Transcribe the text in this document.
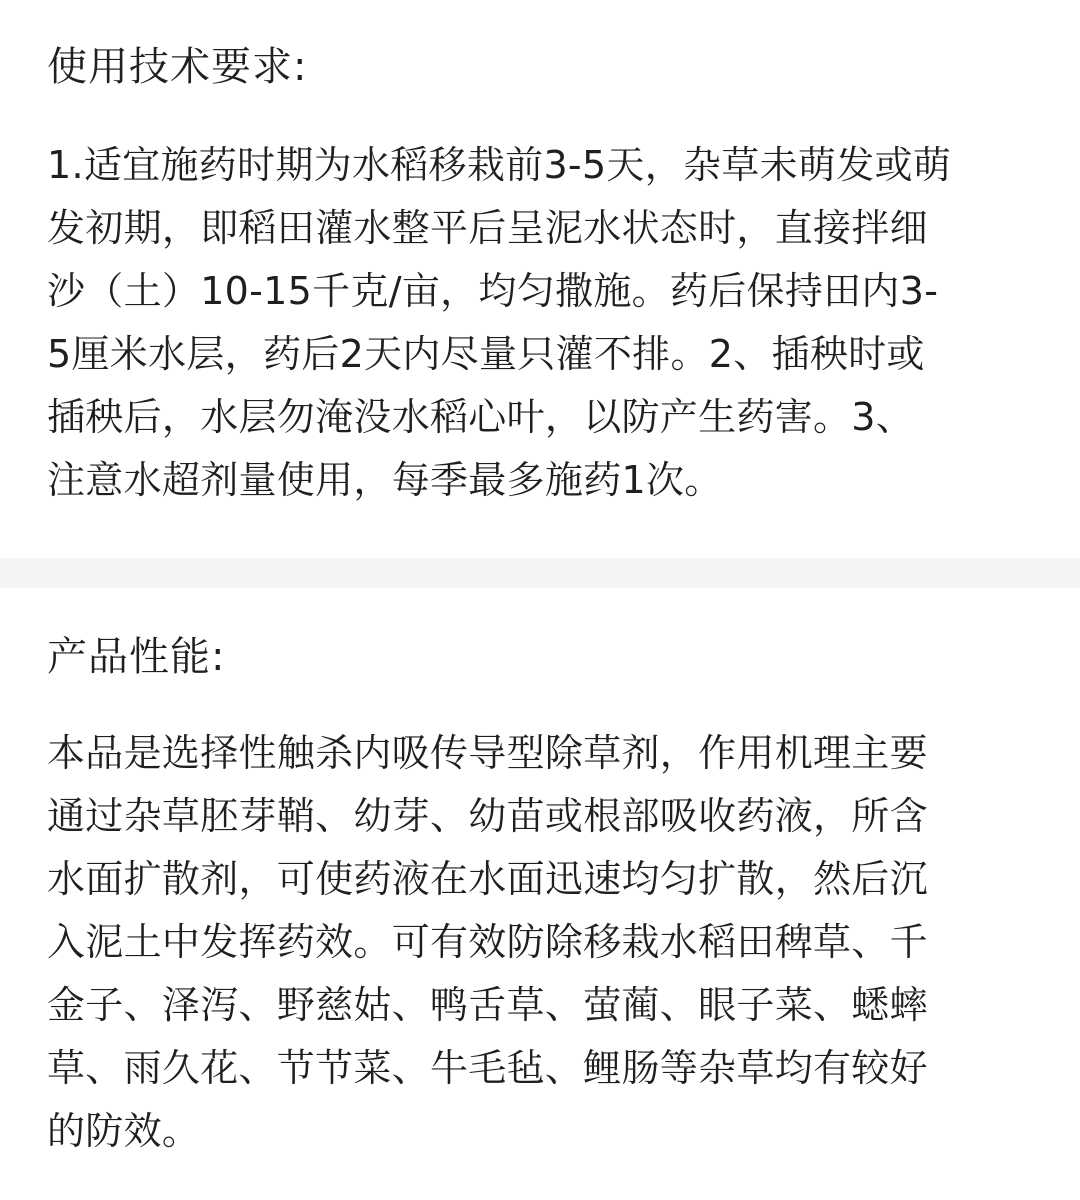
使用技术要求:

1.适宜施药时期为水稻移栽前3-5天，杂草未萌发或萌
发初期，即稻田灌水整平后呈泥水状态时，直接拌细
沙（土）10-15千克/亩，均匀撒施。药后保持田内3-
5厘米水层，药后2天内尽量只灌不排。2、插秧时或
插秧后，水层勿淹没水稻心叶，以防产生药害。3、
注意水超剂量使用，每季最多施药1次。

产品性能:

本品是选择性触杀内吸传导型除草剂，作用机理主要
通过杂草胚芽鞘、幼芽、幼苗或根部吸收药液，所含
水面扩散剂，可使药液在水面迅速均匀扩散，然后沉
入泥土中发挥药效。可有效防除移栽水稻田稗草、千
金子、泽泻、野慈姑、鸭舌草、萤蔺、眼子菜、蟋蟀
草、雨久花、节节菜、牛毛毡、鲤肠等杂草均有较好
的防效。
